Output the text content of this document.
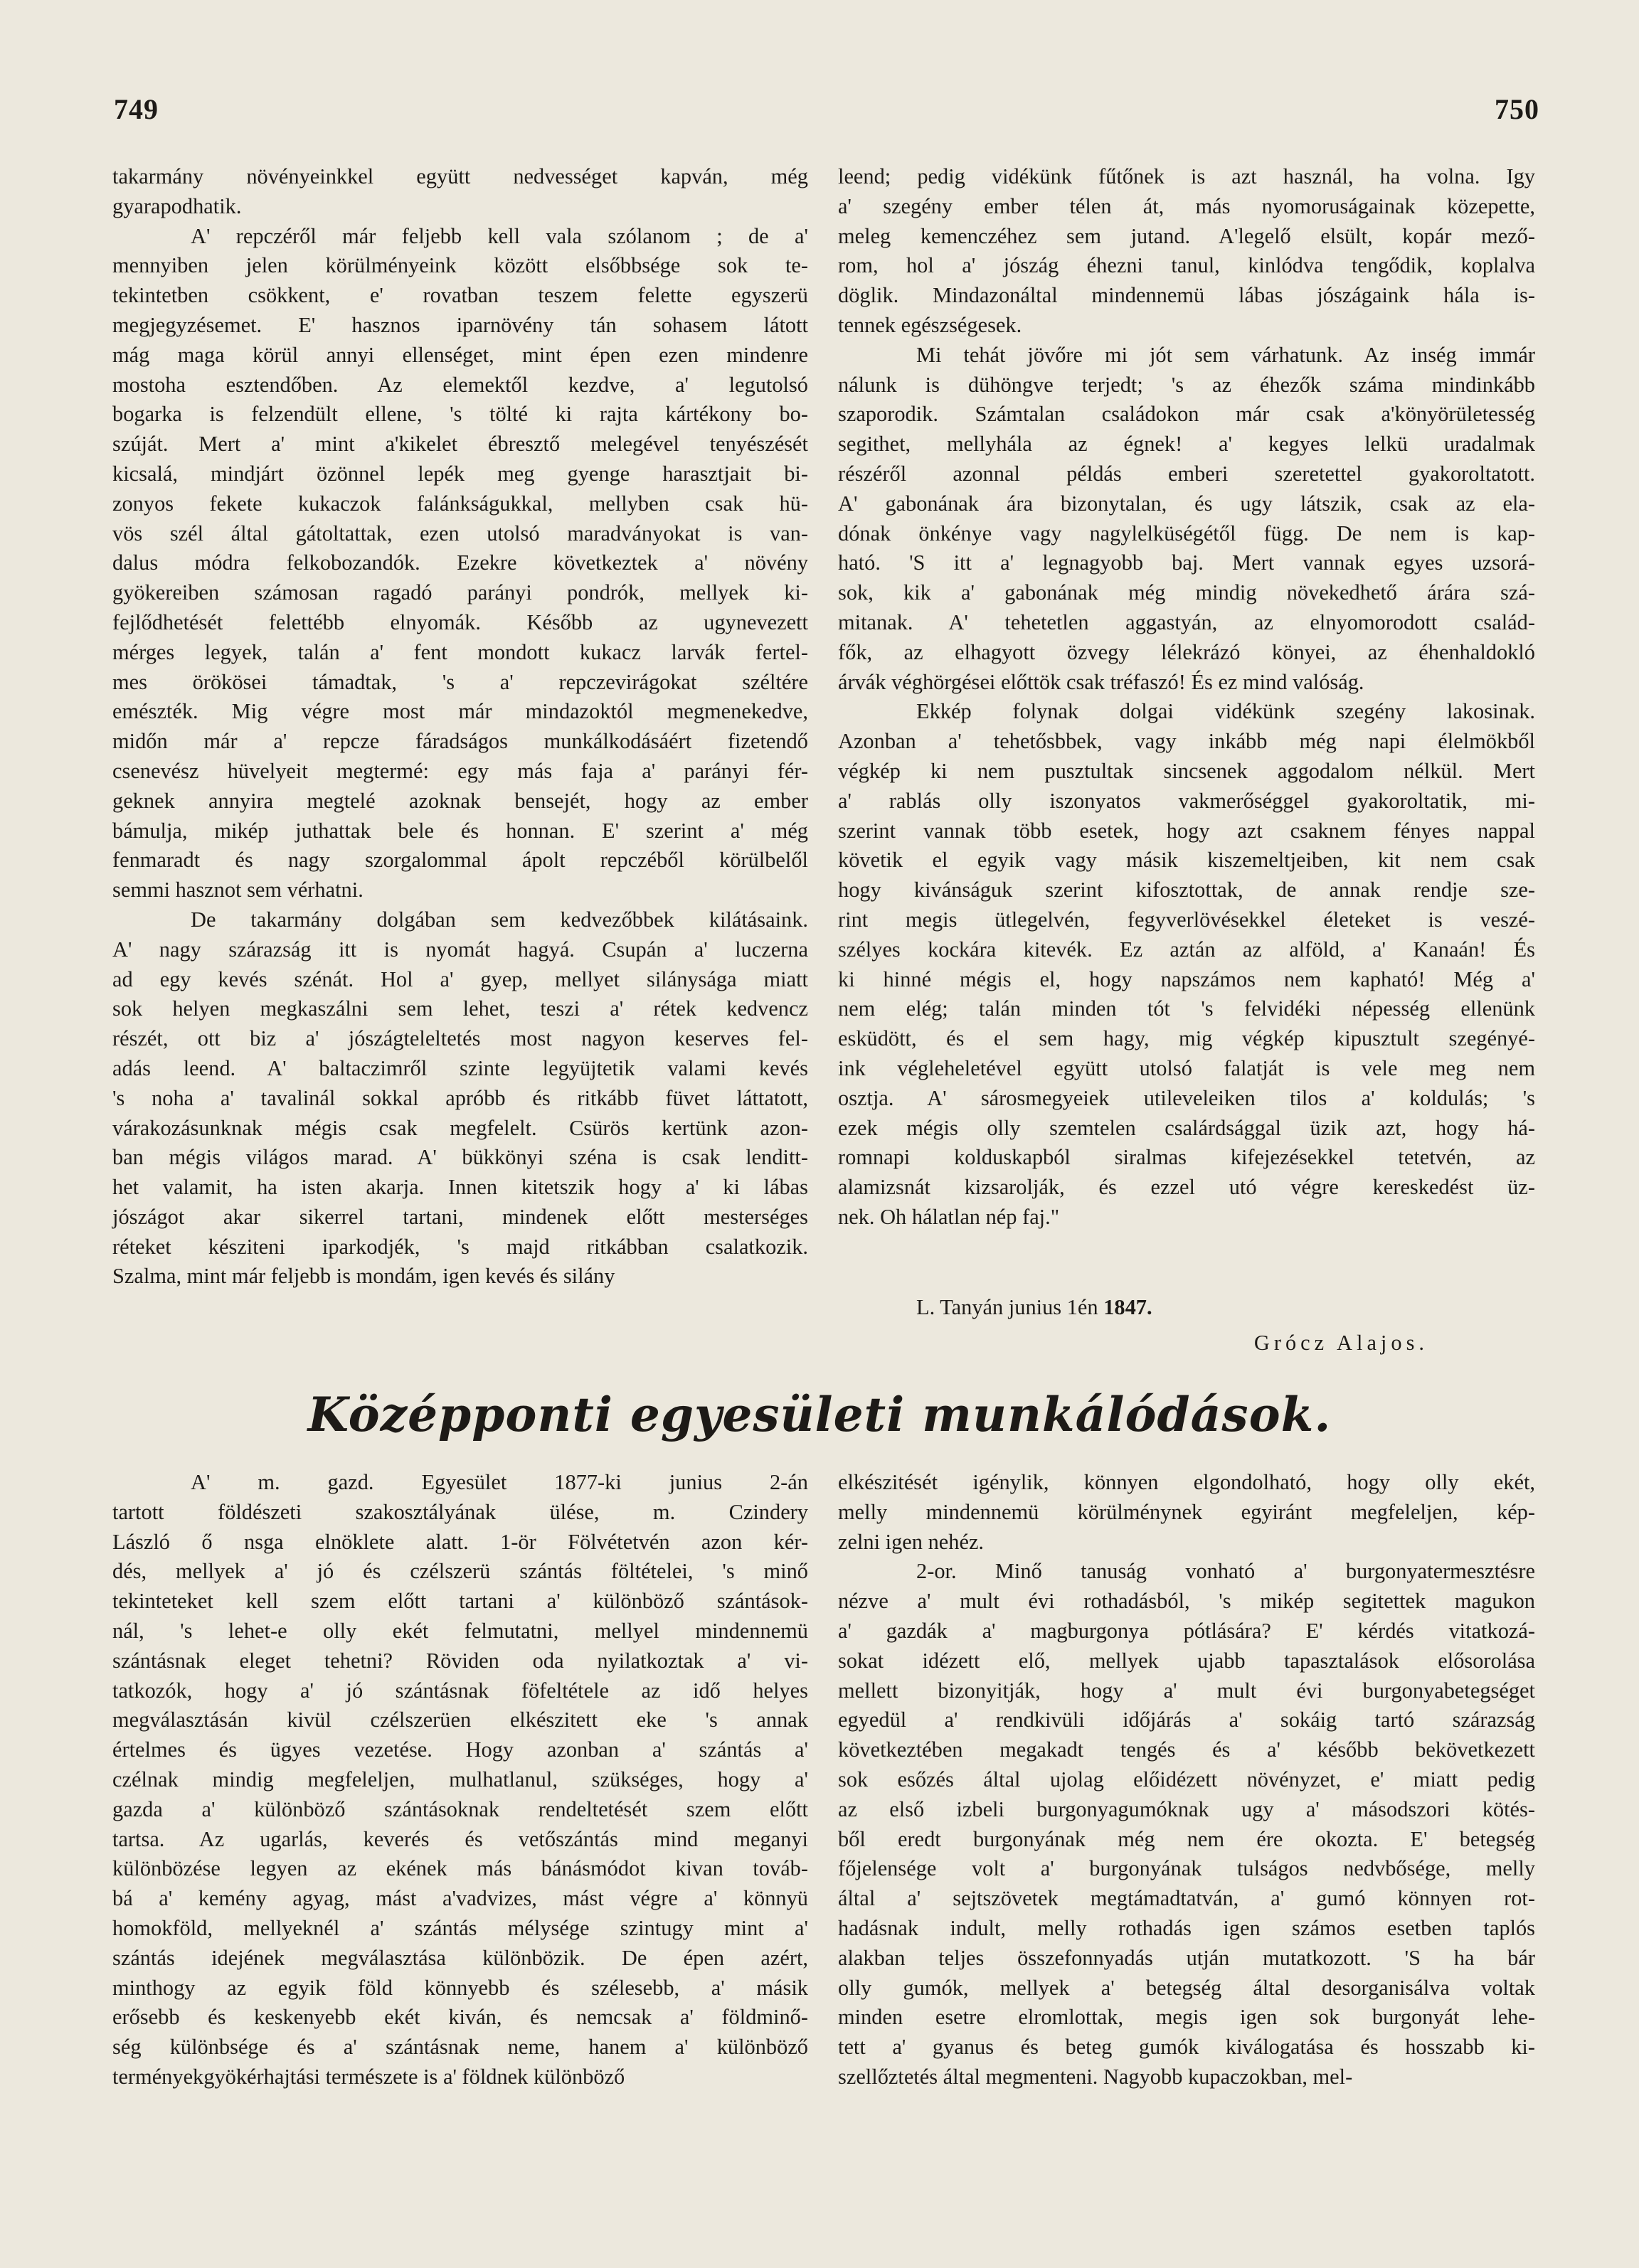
749	750

takarmány növényeinkkel együtt nedvességet kapván, még
gyarapodhatik.

A' repczéről már feljebb kell vala szólanom ; de a'
mennyiben jelen körülményeink között elsőbbsége sok te-
tekintetben csökkent, e' rovatban teszem felette egyszerü
megjegyzésemet. E' hasznos iparnövény tán sohasem látott
mág maga körül annyi ellenséget, mint épen ezen mindenre
mostoha esztendőben. Az elemektől kezdve, a' legutolsó
bogarka is felzendült ellene, 's tölté ki rajta kártékony bo-
szúját. Mert a' mint a'kikelet ébresztő melegével tenyészését
kicsalá, mindjárt özönnel lepék meg gyenge harasztjait bi-
zonyos fekete kukaczok falánkságukkal, mellyben csak hü-
vös szél által gátoltattak, ezen utolsó maradványokat is van-
dalus módra felkobozandók. Ezekre következtek a' növény
gyökereiben számosan ragadó parányi pondrók, mellyek ki-
fejlődhetését felettébb elnyomák. Később az ugynevezett
mérges legyek, talán a' fent mondott kukacz larvák fertel-
mes örökösei támadtak, 's a' repczevirágokat széltére
emészték. Mig végre most már mindazoktól megmenekedve,
midőn már a' repcze fáradságos munkálkodásáért fizetendő
csenevész hüvelyeit megtermé: egy más faja a' parányi fér-
geknek annyira megtelé azoknak bensejét, hogy az ember
bámulja, mikép juthattak bele és honnan. E' szerint a' még
fenmaradt és nagy szorgalommal ápolt repczéből körülbelől
semmi hasznot sem vérhatni.

De takarmány dolgában sem kedvezőbbek kilátásaink.
A' nagy szárazság itt is nyomát hagyá. Csupán a' luczerna
ad egy kevés szénát. Hol a' gyep, mellyet silánysága miatt
sok helyen megkaszálni sem lehet, teszi a' rétek kedvencz
részét, ott biz a' jószágteleltetés most nagyon keserves fel-
adás leend. A' baltaczimről szinte legyüjtetik valami kevés
's noha a' tavalinál sokkal apróbb és ritkább füvet láttatott,
várakozásunknak mégis csak megfelelt. Csürös kertünk azon-
ban mégis világos marad. A' bükkönyi széna is csak lenditt-
het valamit, ha isten akarja. Innen kitetszik hogy a' ki lábas
jószágot akar sikerrel tartani, mindenek előtt mesterséges
réteket késziteni iparkodjék, 's majd ritkábban csalatkozik.
Szalma, mint már feljebb is mondám, igen kevés és silány

leend; pedig vidékünk fűtőnek is azt használ, ha volna. Igy
a' szegény ember télen át, más nyomoruságainak közepette,
meleg kemenczéhez sem jutand. A'legelő elsült, kopár mező-
rom, hol a' jószág éhezni tanul, kinlódva tengődik, koplalva
döglik. Mindazonáltal mindennemü lábas jószágaink hála is-
tennek egészségesek.

Mi tehát jövőre mi jót sem várhatunk. Az inség immár
nálunk is dühöngve terjedt; 's az éhezők száma mindinkább
szaporodik. Számtalan családokon már csak a'könyörületesség
segithet, mellyhála az égnek! a' kegyes lelkü uradalmak
részéről azonnal példás emberi szeretettel gyakoroltatott.
A' gabonának ára bizonytalan, és ugy látszik, csak az ela-
dónak önkénye vagy nagylelküségétől függ. De nem is kap-
ható. 'S itt a' legnagyobb baj. Mert vannak egyes uzsorá-
sok, kik a' gabonának még mindig növekedhető árára szá-
mitanak. A' tehetetlen aggastyán, az elnyomorodott család-
fők, az elhagyott özvegy lélekrázó könyei, az éhenhaldokló
árvák véghörgései előttök csak tréfaszó! És ez mind valóság.

Ekkép folynak dolgai vidékünk szegény lakosinak.
Azonban a' tehetősbbek, vagy inkább még napi élelmökből
végkép ki nem pusztultak sincsenek aggodalom nélkül. Mert
a' rablás olly iszonyatos vakmerőséggel gyakoroltatik, mi-
szerint vannak több esetek, hogy azt csaknem fényes nappal
követik el egyik vagy másik kiszemeltjeiben, kit nem csak
hogy kivánságuk szerint kifosztottak, de annak rendje sze-
rint megis ütlegelvén, fegyverlövésekkel életeket is veszé-
szélyes kockára kitevék. Ez aztán az alföld, a' Kanaán! És
ki hinné mégis el, hogy napszámos nem kapható! Még a'
nem elég; talán minden tót 's felvidéki népesség ellenünk
esküdött, és el sem hagy, mig végkép kipusztult szegényé-
ink végleheletével együtt utolsó falatját is vele meg nem
osztja. A' sárosmegyeiek utileveleiken tilos a' koldulás; 's
ezek mégis olly szemtelen csalárdsággal üzik azt, hogy há-
romnapi kolduskapból siralmas kifejezésekkel tetetvén, az
alamizsnát kizsarolják, és ezzel utó végre kereskedést üz-
nek. Oh hálatlan nép faj."

L. Tanyán junius 1én 1847.
Grócz Alajos.
Középponti egyesületi munkálódások.

A' m. gazd. Egyesület 1877-ki junius 2-án
tartott földészeti szakosztályának ülése, m. Czindery
László ő nsga elnöklete alatt. 1-ör Fölvétetvén azon kér-
dés, mellyek a' jó és czélszerü szántás föltételei, 's minő
tekinteteket kell szem előtt tartani a' különböző szántások-
nál, 's lehet-e olly ekét felmutatni, mellyel mindennemü
szántásnak eleget tehetni? Röviden oda nyilatkoztak a' vi-
tatkozók, hogy a' jó szántásnak föfeltétele az idő helyes
megválasztásán kivül czélszerüen elkészitett eke 's annak
értelmes és ügyes vezetése. Hogy azonban a' szántás a'
czélnak mindig megfeleljen, mulhatlanul, szükséges, hogy a'
gazda a' különböző szántásoknak rendeltetését szem előtt
tartsa. Az ugarlás, keverés és vetőszántás mind meganyi
különbözése legyen az ekének más bánásmódot kivan továb-
bá a' kemény agyag, mást a'vadvizes, mást végre a' könnyü
homokföld, mellyeknél a' szántás mélysége szintugy mint a'
szántás idejének megválasztása különbözik. De épen azért,
minthogy az egyik föld könnyebb és szélesebb, a' másik
erősebb és keskenyebb ekét kiván, és nemcsak a' földminő-
ség különbsége és a' szántásnak neme, hanem a' különböző
terményekgyökérhajtási természete is a' földnek különböző

elkészitését igénylik, könnyen elgondolható, hogy olly ekét,
melly mindennemü körülménynek egyiránt megfeleljen, kép-
zelni igen nehéz.

2-or. Minő tanuság vonható a' burgonyatermesztésre
nézve a' mult évi rothadásból, 's mikép segitettek magukon
a' gazdák a' magburgonya pótlására? E' kérdés vitatkozá-
sokat idézett elő, mellyek ujabb tapasztalások elősorolása
mellett bizonyitják, hogy a' mult évi burgonyabetegséget
egyedül a' rendkivüli időjárás a' sokáig tartó szárazság
következtében megakadt tengés és a' később bekövetkezett
sok esőzés által ujolag előidézett növényzet, e' miatt pedig
az első izbeli burgonyagumóknak ugy a' másodszori kötés-
ből eredt burgonyának még nem ére okozta. E' betegség
főjelensége volt a' burgonyának tulságos nedvbősége, melly
által a' sejtszövetek megtámadtatván, a' gumó könnyen rot-
hadásnak indult, melly rothadás igen számos esetben taplós
alakban teljes összefonnyadás utján mutatkozott. 'S ha bár
olly gumók, mellyek a' betegség által desorganisálva voltak
minden esetre elromlottak, megis igen sok burgonyát lehe-
tett a' gyanus és beteg gumók kiválogatása és hosszabb ki-
szellőztetés által megmenteni. Nagyobb kupaczokban, mel-
